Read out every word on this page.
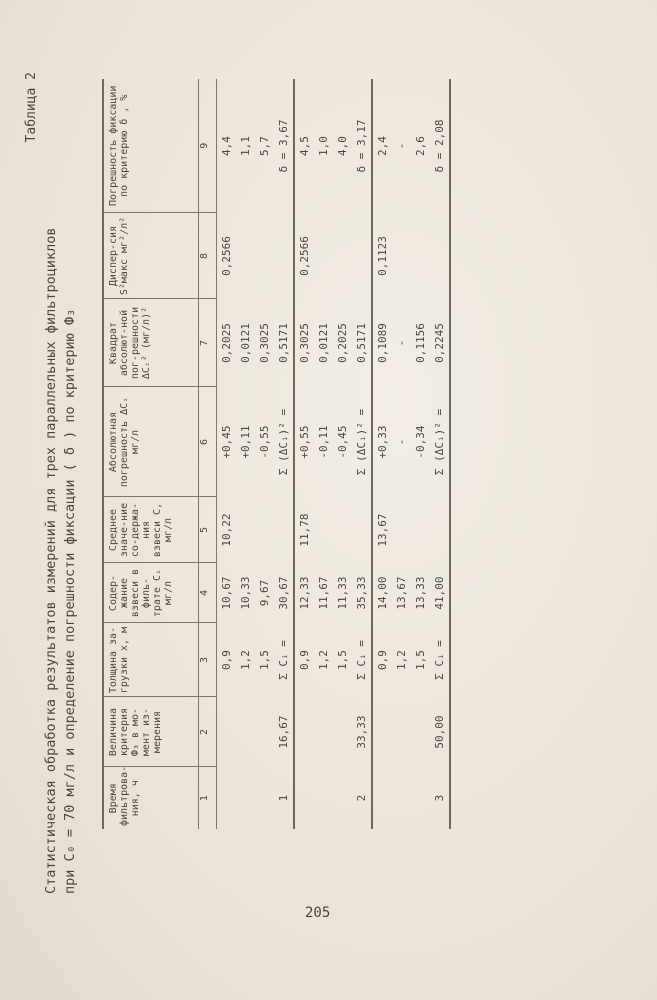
Таблица 2
Статистическая обработка результатов измерений для трех параллельных фильтроциклов при C₀ = 70 мг/л и определение погрешности фиксации ( δ ) по критерию Ф₃	Время фильтрова-ния, ч	Величина критерия Ф₃ в мо-мент из-мерения	Толщина за-грузки x, м	Содер-жание взвеси в филь-трате Cᵢ мг/л	Среднее значе-ние со-держа-ния взвеси C, мг/л	Абсолютная погрешность ΔCᵢ мг/л	Квадрат абсолют-ной пог-решности ΔCᵢ² (мг/л)²	Диспер-сия S²макс мг²/л²	Погрешность фиксации по критерию δ , %
1	2	3	4	5	6	7	8	9
		0,9	10,67	10,22	+0,45	0,2025	0,2566	4,4
		1,2	10,33		+0,11	0,0121		1,1
		1,5	9,67		-0,55	0,3025		5,7
1	16,67	Σ Cᵢ =	30,67		Σ (ΔCᵢ)² =	0,5171		δ = 3,67
		0,9	12,33	11,78	+0,55	0,3025	0,2566	4,5
		1,2	11,67		-0,11	0,0121		1,0
		1,5	11,33		-0,45	0,2025		4,0
2	33,33	Σ Cᵢ =	35,33		Σ (ΔCᵢ)² =	0,5171		δ = 3,17
		0,9	14,00	13,67	+0,33	0,1089	0,1123	2,4
		1,2	13,67		-	-		-
		1,5	13,33		-0,34	0,1156		2,6
3	50,00	Σ Cᵢ =	41,00		Σ (ΔCᵢ)² =	0,2245		δ = 2,08
205
